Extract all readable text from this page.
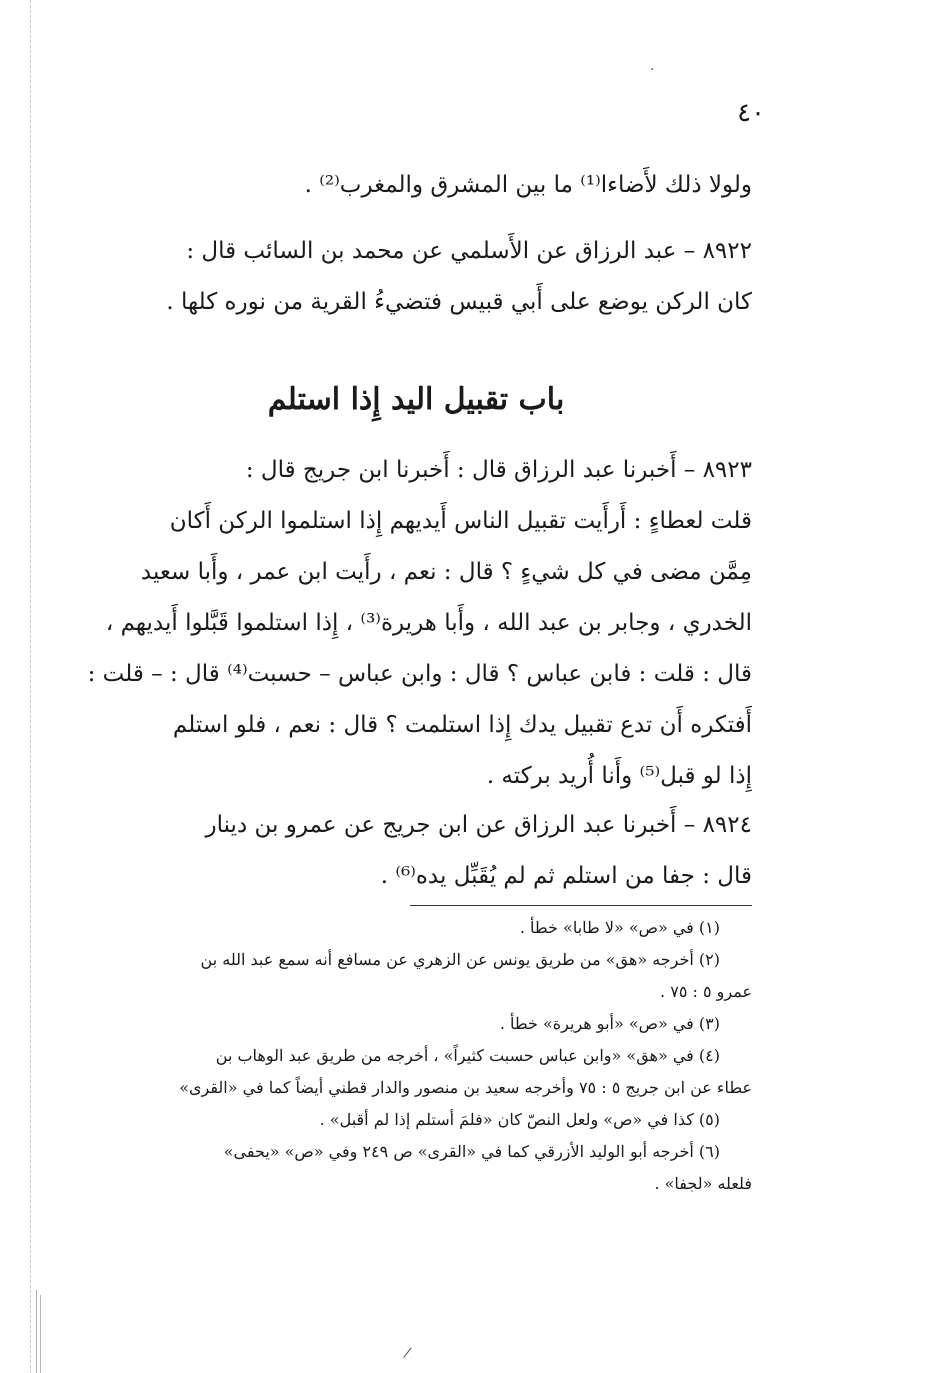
·
/
٤٠

ولولا ذلك لأَضاءا⁽¹⁾ ما بين المشرق والمغرب⁽²⁾ .

٨٩٢٢ – عبد الرزاق عن الأَسلمي عن محمد بن السائب قال :

كان الركن يوضع على أَبي قبيس فتضيءُ القرية من نوره كلها .

باب تقبيل اليد إِذا استلم

٨٩٢٣ – أَخبرنا عبد الرزاق قال : أَخبرنا ابن جريج قال :

قلت لعطاءٍ : أَرأَيت تقبيل الناس أَيديهم إِذا استلموا الركن أَكان

مِمَّن مضى في كل شيءٍ ؟ قال : نعم ، رأَيت ابن عمر ، وأَبا سعيد

الخدري ، وجابر بن عبد الله ، وأَبا هريرة⁽³⁾ ، إِذا استلموا قَبَّلوا أَيديهم ،

قال : قلت : فابن عباس ؟ قال : وابن عباس – حسبت⁽⁴⁾ قال : – قلت :

أَفتكره أَن تدع تقبيل يدك إِذا استلمت ؟ قال : نعم ، فلو استلم

إِذا لو قبل⁽⁵⁾ وأَنا أُريد بركته .

٨٩٢٤ – أَخبرنا عبد الرزاق عن ابن جريج عن عمرو بن دينار

قال : جفا من استلم ثم لم يُقَبِّل يده⁽⁶⁾ .

(١) في «ص» «لا طابا» خطأ .

(٢) أخرجه «هق» من طريق يونس عن الزهري عن مسافع أنه سمع عبد الله بن

عمرو ٥ : ٧٥ .

(٣) في «ص» «أبو هريرة» خطأ .

(٤) في «هق» «وابن عباس حسبت كثيراً» ، أخرجه من طريق عبد الوهاب بن

عطاء عن ابن جريج ٥ : ٧٥ وأخرجه سعيد بن منصور والدار قطني أيضاً كما في «القرى»

(٥) كذا في «ص» ولعل النصّ كان «فلمَ أستلم إذا لم أقبل» .

(٦) أخرجه أبو الوليد الأزرقي كما في «القرى» ص ٢٤٩ وفي «ص» «يحفى»

فلعله «لجفا» .
